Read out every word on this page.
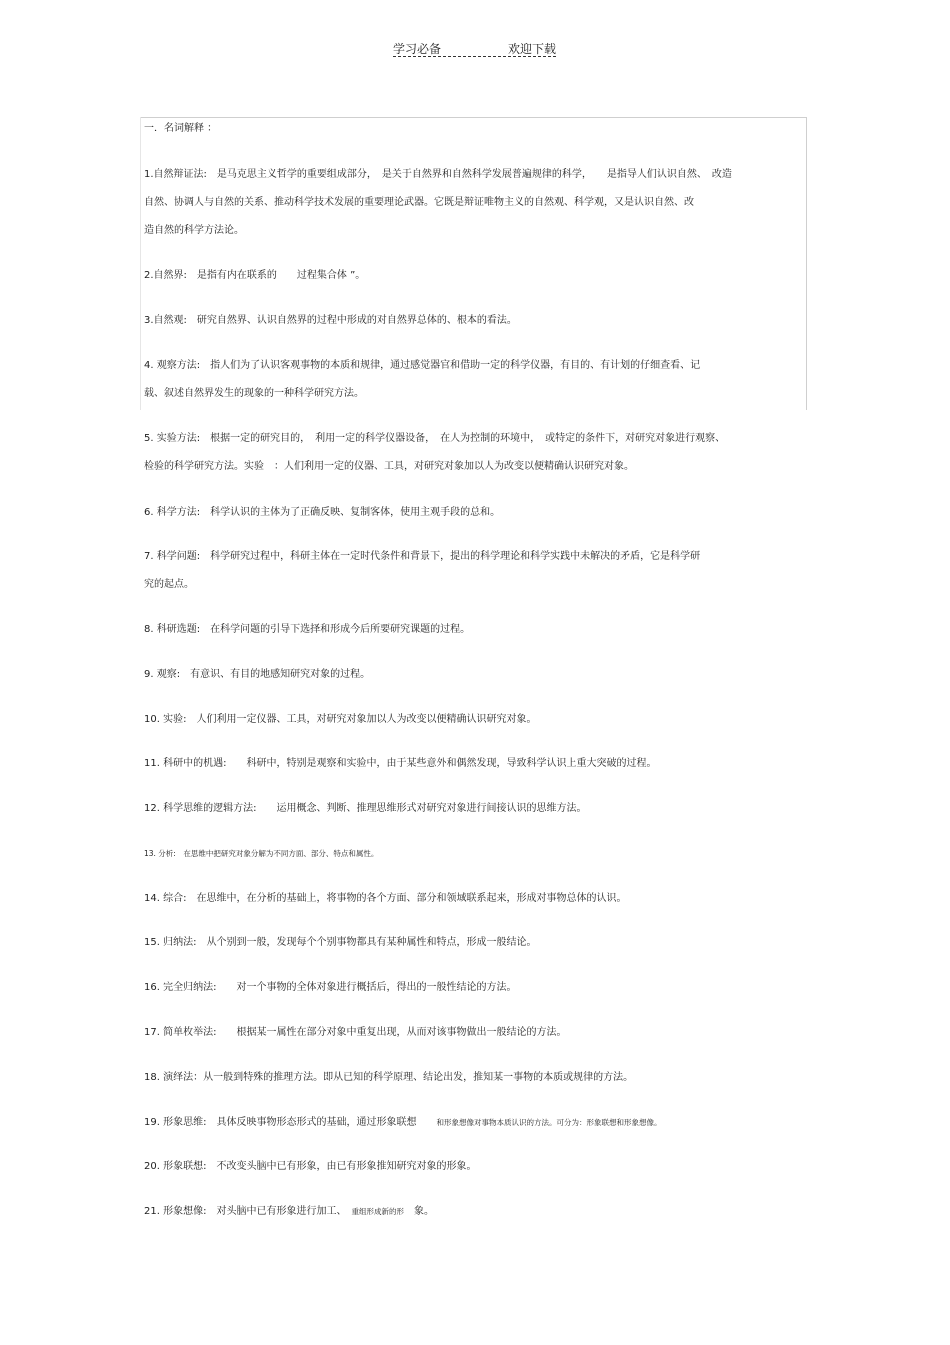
学习必备	欢迎下载
一．名词解释 ：
1.自然辩证法:　是马克思主义哲学的重要组成部分，　是关于自然界和自然科学发展普遍规律的科学，　　是指导人们认识自然、　改造
自然、协调人与自然的关系、推动科学技术发展的重要理论武器。它既是辩证唯物主义的自然观、科学观，又是认识自然、改
造自然的科学方法论。
2.自然界:　是指有内在联系的　　过程集合体 ”。
3.自然观:　研究自然界、认识自然界的过程中形成的对自然界总体的、根本的看法。
4. 观察方法:　指人们为了认识客观事物的本质和规律，通过感觉器官和借助一定的科学仪器，有目的、有计划的仔细查看、记
载、叙述自然界发生的现象的一种科学研究方法。
5. 实验方法:　根据一定的研究目的，　利用一定的科学仪器设备，　在人为控制的环境中，　或特定的条件下，对研究对象进行观察、
检验的科学研究方法。实验　：人们利用一定的仪器、工具，对研究对象加以人为改变以便精确认识研究对象。
6. 科学方法:　科学认识的主体为了正确反映、复制客体，使用主观手段的总和。
7. 科学问题:　科学研究过程中，科研主体在一定时代条件和背景下，提出的科学理论和科学实践中未解决的矛盾，它是科学研
究的起点。
8. 科研选题:　在科学问题的引导下选择和形成今后所要研究课题的过程。
9. 观察:　有意识、有目的地感知研究对象的过程。
10. 实验:　人们利用一定仪器、工具，对研究对象加以人为改变以便精确认识研究对象。
11. 科研中的机遇:　　科研中，特别是观察和实验中，由于某些意外和偶然发现，导致科学认识上重大突破的过程。
12. 科学思维的逻辑方法:　　运用概念、判断、推理思维形式对研究对象进行间接认识的思维方法。
13. 分析:　在思维中把研究对象分解为不同方面、部分、特点和属性。
14. 综合:　在思维中，在分析的基础上，将事物的各个方面、部分和领域联系起来，形成对事物总体的认识。
15. 归纳法:　从个别到一般，发现每个个别事物都具有某种属性和特点，形成一般结论。
16. 完全归纳法:　　对一个事物的全体对象进行概括后，得出的一般性结论的方法。
17. 简单枚举法:　　根据某一属性在部分对象中重复出现，从而对该事物做出一般结论的方法。
18. 演绎法：从一般到特殊的推理方法。即从已知的科学原理、结论出发，推知某一事物的本质或规律的方法。
19. 形象思维:　具体反映事物形态形式的基础，通过形象联想　　和形象想像对事物本质认识的方法。可分为：形象联想和形象想像。
20. 形象联想:　不改变头脑中已有形象，由已有形象推知研究对象的形象。
21. 形象想像:　对头脑中已有形象进行加工、　重组形成新的形　象。
